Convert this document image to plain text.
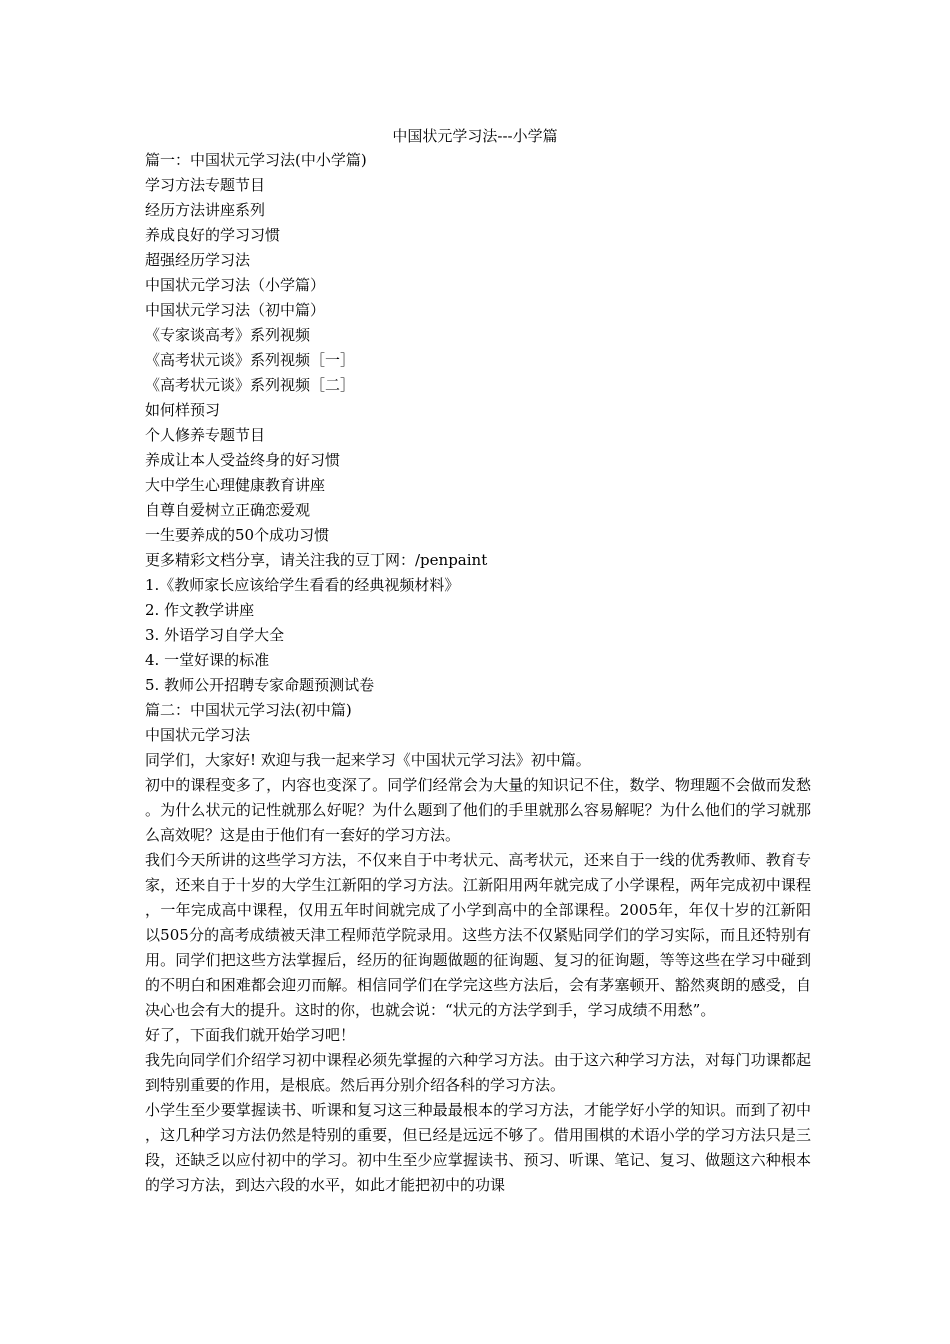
中国状元学习法---小学篇
篇一：中国状元学习法(中小学篇)
学习方法专题节目
经历方法讲座系列
养成良好的学习习惯
超强经历学习法
中国状元学习法（小学篇）
中国状元学习法（初中篇）
《专家谈高考》系列视频
《高考状元谈》系列视频［一］
《高考状元谈》系列视频［二］
如何样预习
个人修养专题节目
养成让本人受益终身的好习惯
大中学生心理健康教育讲座
自尊自爱树立正确恋爱观
一生要养成的50个成功习惯
更多精彩文档分享，请关注我的豆丁网：/penpaint
1.《教师家长应该给学生看看的经典视频材料》
2. 作文教学讲座
3. 外语学习自学大全
4. 一堂好课的标准
5. 教师公开招聘专家命题预测试卷
篇二：中国状元学习法(初中篇)
中国状元学习法
同学们，大家好! 欢迎与我一起来学习《中国状元学习法》初中篇。
初中的课程变多了，内容也变深了。同学们经常会为大量的知识记不住，数学、物理题不会做而发愁。为什么状元的记性就那么好呢？为什么题到了他们的手里就那么容易解呢？为什么他们的学习就那么高效呢？这是由于他们有一套好的学习方法。
我们今天所讲的这些学习方法，不仅来自于中考状元、高考状元，还来自于一线的优秀教师、教育专家，还来自于十岁的大学生江新阳的学习方法。江新阳用两年就完成了小学课程，两年完成初中课程，一年完成高中课程，仅用五年时间就完成了小学到高中的全部课程。2005年，年仅十岁的江新阳以505分的高考成绩被天津工程师范学院录用。这些方法不仅紧贴同学们的学习实际，而且还特别有用。同学们把这些方法掌握后，经历的征询题做题的征询题、复习的征询题，等等这些在学习中碰到的不明白和困难都会迎刃而解。相信同学们在学完这些方法后，会有茅塞顿开、豁然爽朗的感受，自决心也会有大的提升。这时的你，也就会说：“状元的方法学到手，学习成绩不用愁”。
好了，下面我们就开始学习吧！
我先向同学们介绍学习初中课程必须先掌握的六种学习方法。由于这六种学习方法，对每门功课都起到特别重要的作用，是根底。然后再分别介绍各科的学习方法。
小学生至少要掌握读书、听课和复习这三种最最根本的学习方法，才能学好小学的知识。而到了初中，这几种学习方法仍然是特别的重要，但已经是远远不够了。借用围棋的术语小学的学习方法只是三段，还缺乏以应付初中的学习。初中生至少应掌握读书、预习、听课、笔记、复习、做题这六种根本的学习方法，到达六段的水平，如此才能把初中的功课
